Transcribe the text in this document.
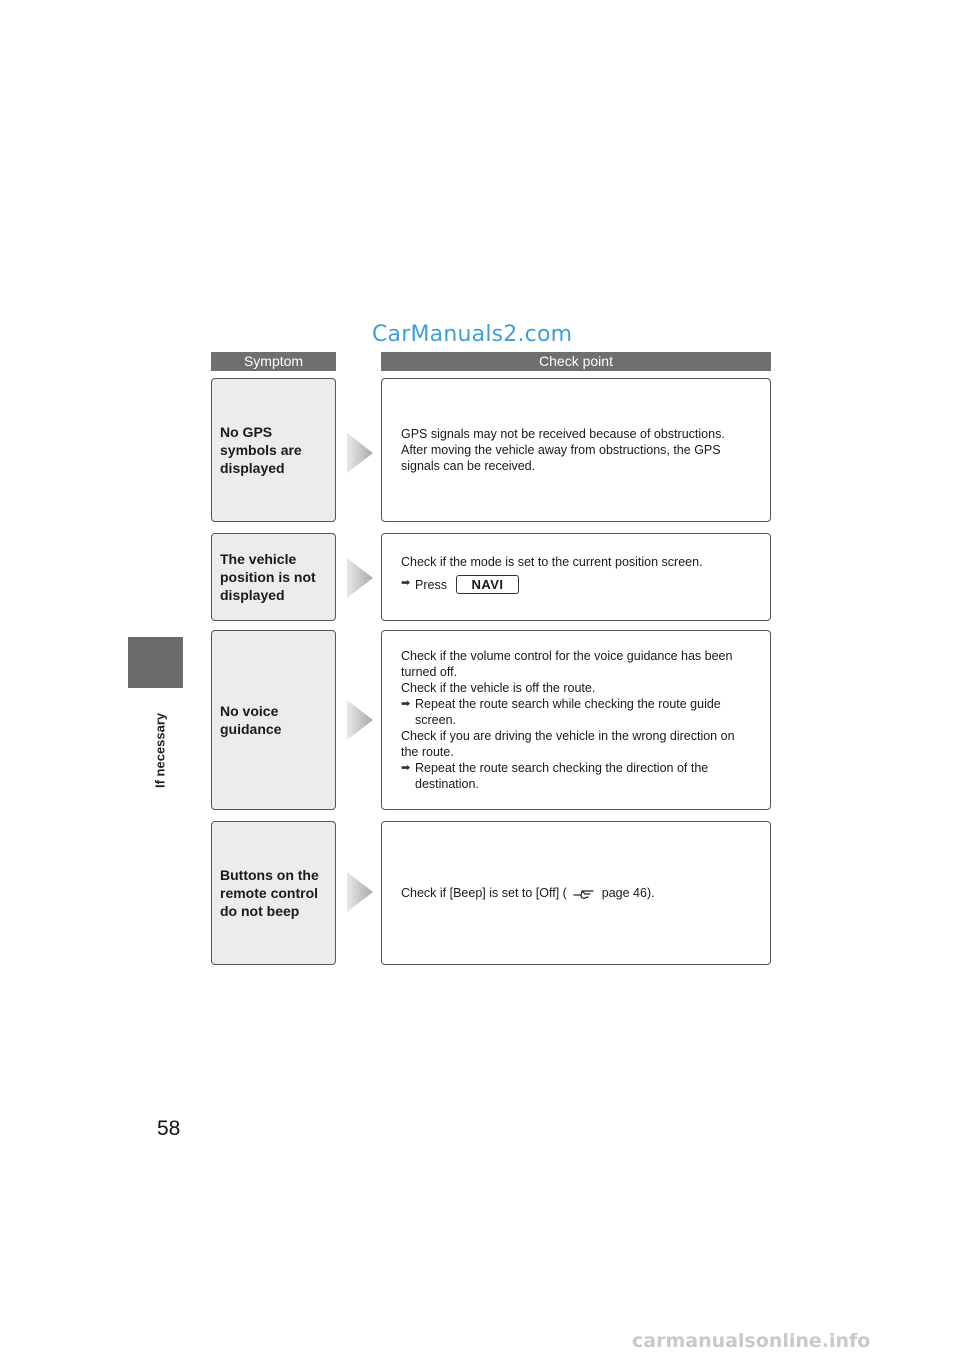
CarManuals2.com
If necessary
58
Symptom	Check point
No GPS
symbols are
displayed
GPS signals may not be received because of obstructions.
After moving the vehicle away from obstructions, the GPS
signals can be received.
The vehicle
position is not
displayed
Check if the mode is set to the current position screen.
➡ Press NAVI
No voice
guidance
Check if the volume control for the voice guidance has been
turned off.
Check if the vehicle is off the route.
➡ Repeat the route search while checking the route guide screen.
Check if you are driving the vehicle in the wrong direction on
the route.
➡ Repeat the route search checking the direction of the destination.
Buttons on the
remote control
do not beep
Check if [Beep] is set to [Off] (	page 46).
carmanualsonline.info
